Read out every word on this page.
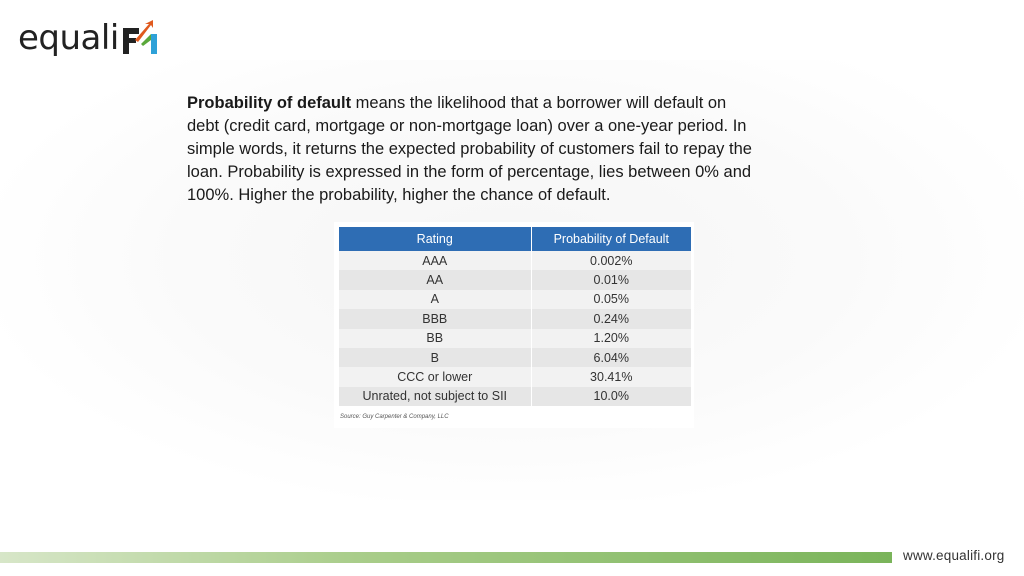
equali
Probability of default means the likelihood that a borrower will default on debt (credit card, mortgage or non-mortgage loan) over a one-year period. In simple words, it returns the expected probability of customers fail to repay the loan. Probability is expressed in the form of percentage, lies between 0% and 100%. Higher the probability, higher the chance of default.
Rating	Probability of Default
AAA	0.002%
AA	0.01%
A	0.05%
BBB	0.24%
BB	1.20%
B	6.04%
CCC or lower	30.41%
Unrated, not subject to SII	10.0%
Source: Guy Carpenter & Company, LLC
www.equalifi.org
